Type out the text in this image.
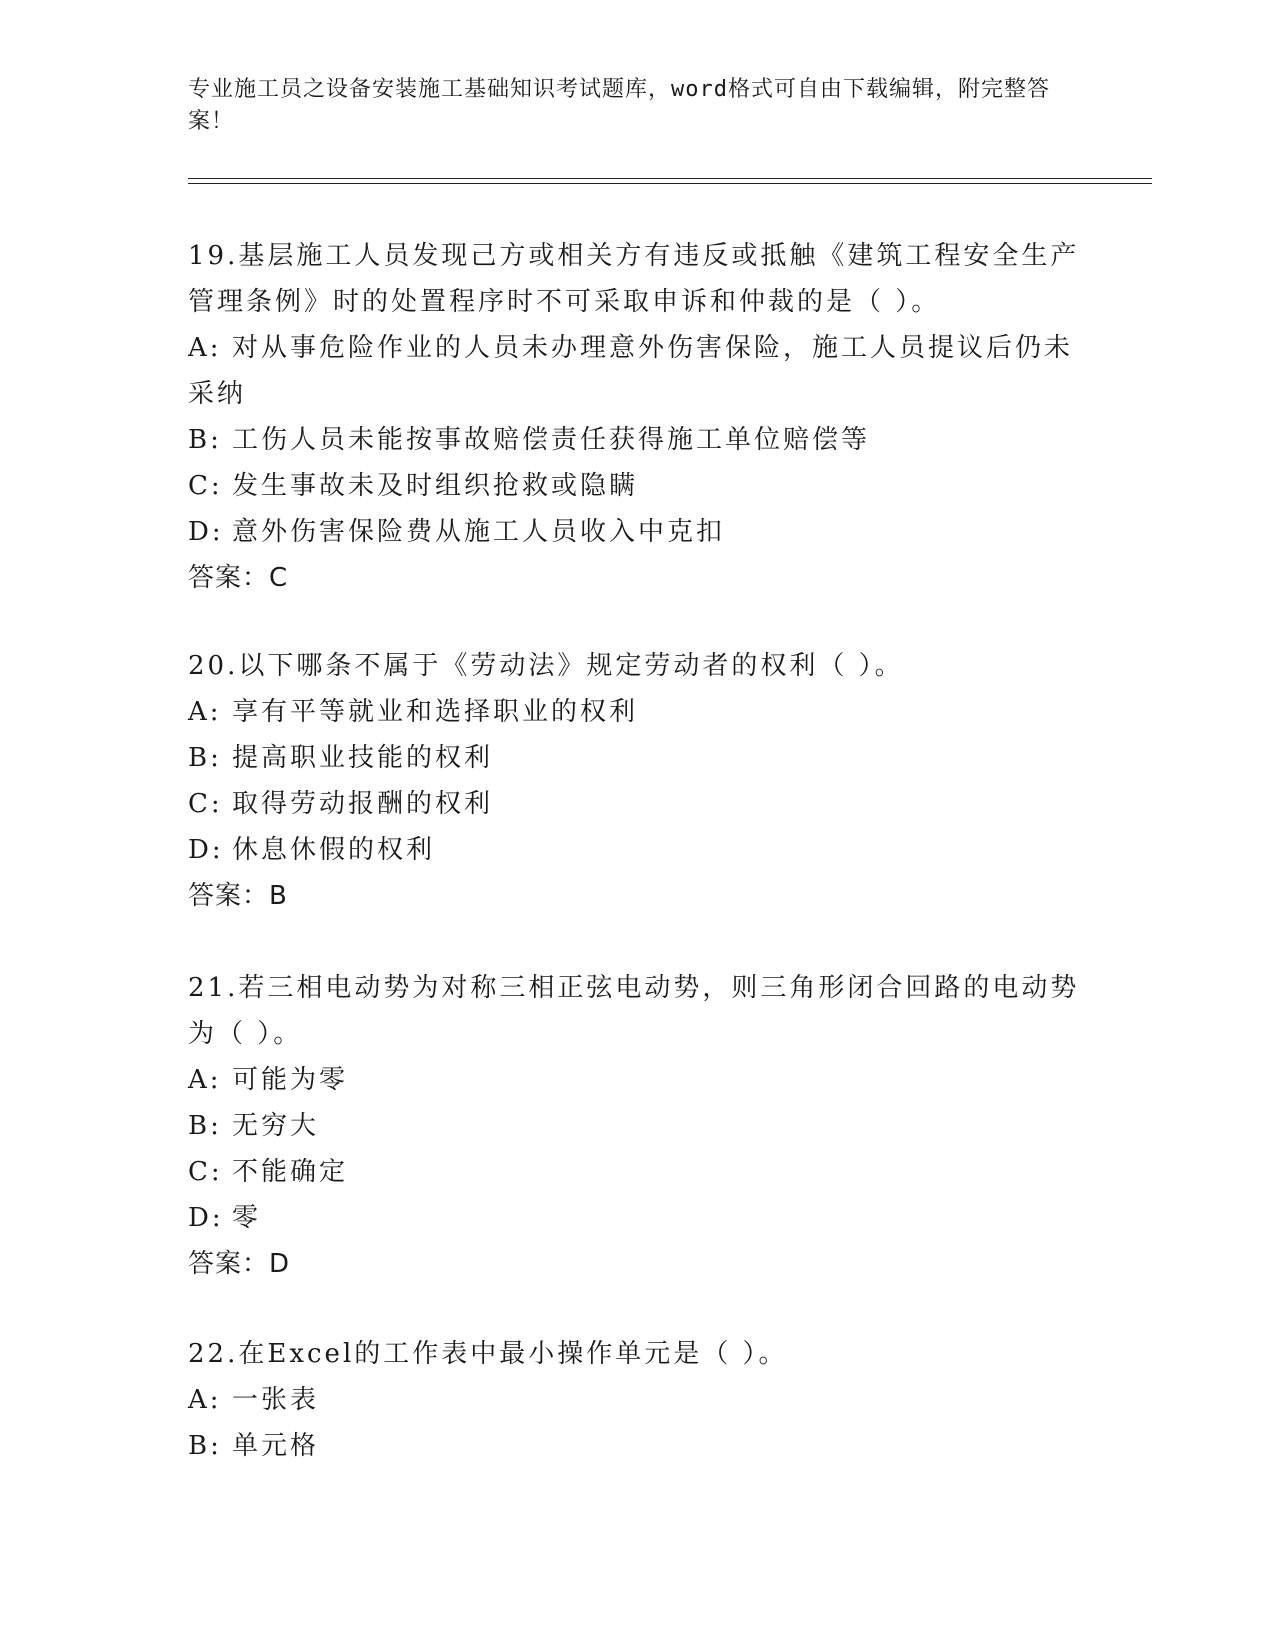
专业施工员之设备安装施工基础知识考试题库，word格式可自由下载编辑，附完整答案！
19.基层施工人员发现己方或相关方有违反或抵触《建筑工程安全生产管理条例》时的处置程序时不可采取申诉和仲裁的是（ ）。
A: 对从事危险作业的人员未办理意外伤害保险，施工人员提议后仍未采纳
B: 工伤人员未能按事故赔偿责任获得施工单位赔偿等
C: 发生事故未及时组织抢救或隐瞒
D: 意外伤害保险费从施工人员收入中克扣
答案：C
20.以下哪条不属于《劳动法》规定劳动者的权利（ ）。
A: 享有平等就业和选择职业的权利
B: 提高职业技能的权利
C: 取得劳动报酬的权利
D: 休息休假的权利
答案：B
21.若三相电动势为对称三相正弦电动势，则三角形闭合回路的电动势为（ ）。
A: 可能为零
B: 无穷大
C: 不能确定
D: 零
答案：D
22.在Excel的工作表中最小操作单元是（ ）。
A: 一张表
B: 单元格
